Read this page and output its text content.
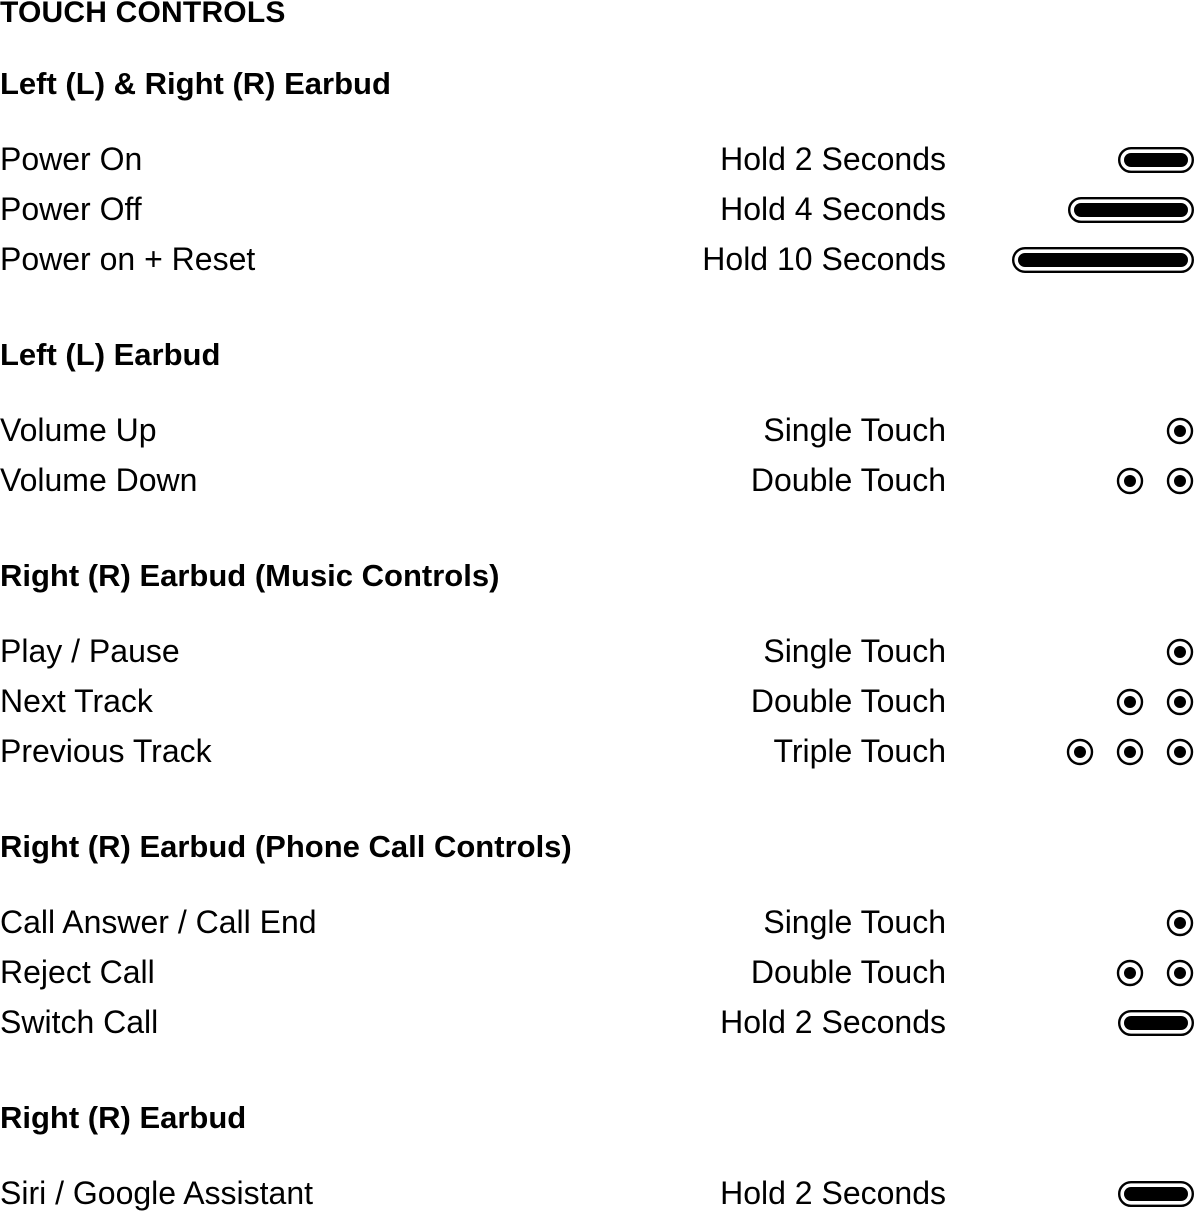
TOUCH CONTROLS
Left (L) & Right (R) Earbud
Power On	Hold 2 Seconds
Power Off	Hold 4 Seconds
Power on + Reset	Hold 10 Seconds
Left (L) Earbud
Volume Up	Single Touch
Volume Down	Double Touch
Right (R) Earbud (Music Controls)
Play / Pause	Single Touch
Next Track	Double Touch
Previous Track	Triple Touch
Right (R) Earbud (Phone Call Controls)
Call Answer / Call End	Single Touch
Reject Call	Double Touch
Switch Call	Hold 2 Seconds
Right (R) Earbud
Siri / Google Assistant	Hold 2 Seconds
